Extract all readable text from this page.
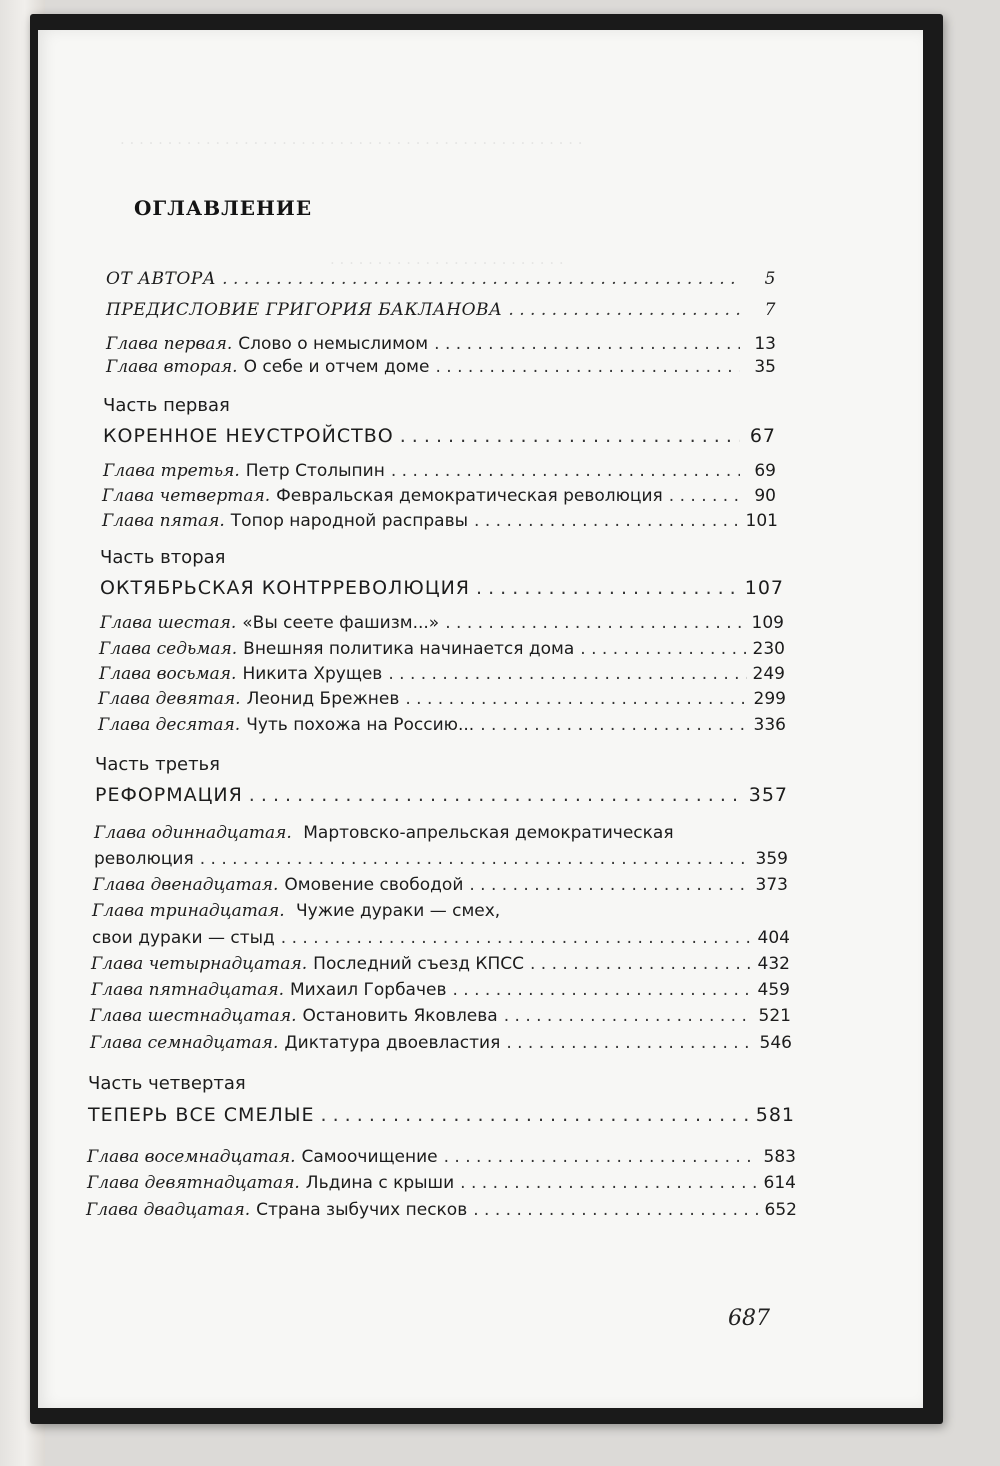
. . . . . . . . . . . . . . . . . . . . . . . . . . . . . . . . . . . . . . . . . . . . . . . . .
. . . . . . . . . . . . . . . . . . . . . . . . .
ОГЛАВЛЕНИЕ
ОТ АВТОРА . . .	5
ПРЕДИСЛОВИЕ ГРИГОРИЯ БАКЛАНОВА . . .	7
Глава первая. Слово о немыслимом . . .	13
Глава вторая. О себе и отчем доме . . .	35
Часть первая
КОРЕННОЕ НЕУСТРОЙСТВО . . .	67
Глава третья. Петр Столыпин . . .	69
Глава четвертая. Февральская демократическая революция . . .	90
Глава пятая. Топор народной расправы . . .	101
Часть вторая
ОКТЯБРЬСКАЯ КОНТРРЕВОЛЮЦИЯ . . .	107
Глава шестая. «Вы сеете фашизм...» . . .	109
Глава седьмая. Внешняя политика начинается дома . . .	230
Глава восьмая. Никита Хрущев . . .	249
Глава девятая. Леонид Брежнев . . .	299
Глава десятая. Чуть похожа на Россию... . . .	336
Часть третья
РЕФОРМАЦИЯ . . .	357
Глава одиннадцатая. Мартовско-апрельская демократическая
революция . . .	359
Глава двенадцатая. Омовение свободой . . .	373
Глава тринадцатая. Чужие дураки — смех,
свои дураки — стыд . . .	404
Глава четырнадцатая. Последний съезд КПСС . . .	432
Глава пятнадцатая. Михаил Горбачев . . .	459
Глава шестнадцатая. Остановить Яковлева . . .	521
Глава семнадцатая. Диктатура двоевластия . . .	546
Часть четвертая
ТЕПЕРЬ ВСЕ СМЕЛЫЕ . . .	581
Глава восемнадцатая. Самоочищение . . .	583
Глава девятнадцатая. Льдина с крыши . . .	614
Глава двадцатая. Страна зыбучих песков . . .	652
687
